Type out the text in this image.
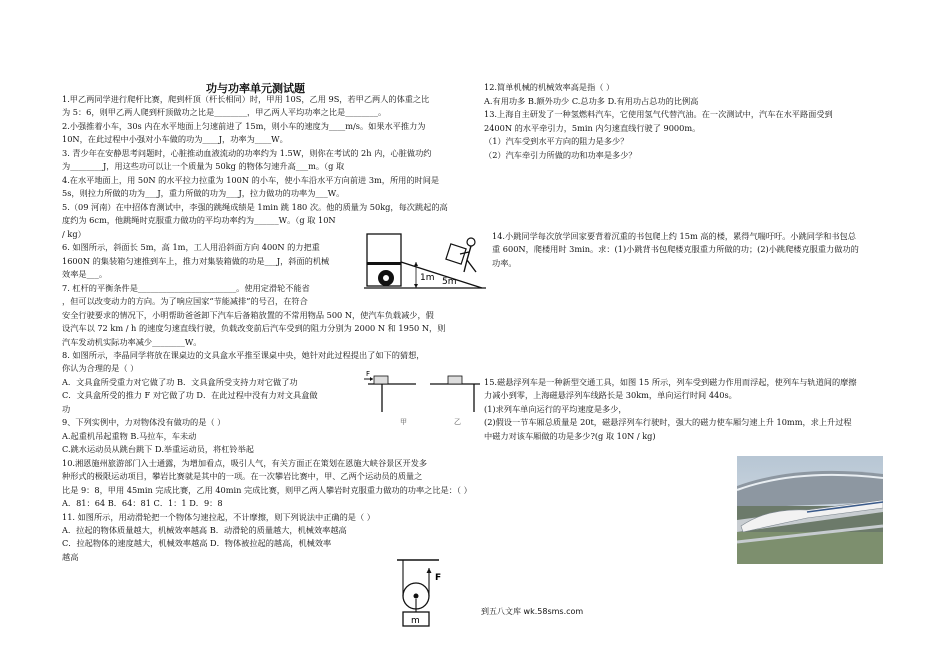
功与功率单元测试题
1.甲乙两同学进行爬杆比赛，爬到杆顶（杆长相同）时，甲用 10S，乙用 9S，若甲乙两人的体重之比
为 5：6，则甲乙两人爬到杆顶做功之比是________，甲乙两人平均功率之比是________。
2.小强推着小车，30s 内在水平地面上匀速前进了 15m，则小车的速度为____m/s。如果水平推力为
10N，在此过程中小强对小车做的功为____J，功率为____W。
3. 青少年在安静思考问题时，心脏推动血液流动的功率约为 1.5W，则你在考试的 2h 内，心脏做功约
为________J，用这些功可以让一个质量为 50kg 的物体匀速升高___m。（g 取
4.在水平地面上，用 50N 的水平拉力拉重为 100N 的小车，使小车沿水平方向前进 3m，所用的时间是
5s，则拉力所做的功为___J，重力所做的功为___J，拉力做功的功率为___W。
5.（09 河南）在中招体育测试中，李强的跳绳成绩是 1min 跳 180 次。他的质量为 50kg，每次跳起的高
度约为 6cm，他跳绳时克服重力做功的平均功率约为______W。（g 取 10N
/ kg）
6. 如图所示，斜面长 5m，高 1m，工人用沿斜面方向 400N 的力把重
1600N 的集装箱匀速推到车上，推力对集装箱做的功是___J，斜面的机械
效率是___。
7. 杠杆的平衡条件是________________________。使用定滑轮不能省
，但可以改变动力的方向。为了响应国家“节能减排”的号召，在符合
安全行驶要求的情况下，小明帮助爸爸卸下汽车后备箱放置的不常用物品 500 N，使汽车负载减少，假
设汽车以 72 km / h 的速度匀速直线行驶，负载改变前后汽车受到的阻力分别为 2000 N 和 1950 N，则
汽车发动机实际功率减少________W。
8. 如图所示，李晶同学将放在课桌边的文具盒水平推至课桌中央，她针对此过程提出了如下的猜想，
你认为合理的是（ ）
A．文具盒所受重力对它做了功 B．文具盒所受支持力对它做了功
C．文具盒所受的推力 F 对它做了功 D．在此过程中没有力对文具盒做
功
9、下列实例中，力对物体没有做功的是（ ）
A.起重机吊起重物 B.马拉车，车未动
C.跳水运动员从跳台跳下 D.举重运动员，将杠铃举起
10.湘恩施州旅游部门入士通露，为增加看点，吸引人气，有关方面正在策划在恩施大峡谷景区开发多
种形式的极限运动项目，攀岩比赛就是其中的一项。在一次攀岩比赛中，甲、乙两个运动员的质量之
比是 9：8，甲用 45min 完成比赛，乙用 40min 完成比赛，则甲乙两人攀岩时克服重力做功的功率之比是：（ ）
A．81：64 B．64：81 C．1：1 D．9：8
11. 如图所示，用动滑轮把一个物体匀速拉起，不计摩擦，则下列说法中正确的是（ ）
A．拉起的物体质量越大，机械效率越高 B．动滑轮的质量越大，机械效率越高
C．拉起物体的速度越大，机械效率越高 D．物体被拉起的越高，机械效率
越高
12.简单机械的机械效率高是指（ ）
A.有用功多 B.额外功少 C.总功多 D.有用功占总功的比例高
13.上海自主研发了一种氢燃料汽车，它使用氢气代替汽油。在一次测试中，汽车在水平路面受到
2400N 的水平牵引力，5min 内匀速直线行驶了 9000m。
（1）汽车受到水平方向的阻力是多少？
（2）汽车牵引力所做的功和功率是多少？
14.小跳同学每次放学回家要背着沉重的书包爬上约 15m 高的楼，累得气喘吁吁。小跳同学和书包总
重 600N，爬楼用时 3min。求：(1)小跳背书包爬楼克服重力所做的功；(2)小跳爬楼克服重力做功的
功率。
15.磁悬浮列车是一种新型交通工具，如图 15 所示，列车受到磁力作用而浮起，使列车与轨道间的摩擦
力减小到零，上海磁悬浮列车线路长是 30km，单向运行时间 440s。
(1)求列车单向运行的平均速度是多少，
(2)假设一节车厢总质量是 20t，磁悬浮列车行驶时，强大的磁力使车厢匀速上升 10mm，求上升过程
中磁力对该车厢做的功是多少?(g 取 10N / kg)
1m 5m
F
甲	乙
F
m
到五八文库 wk.58sms.com
